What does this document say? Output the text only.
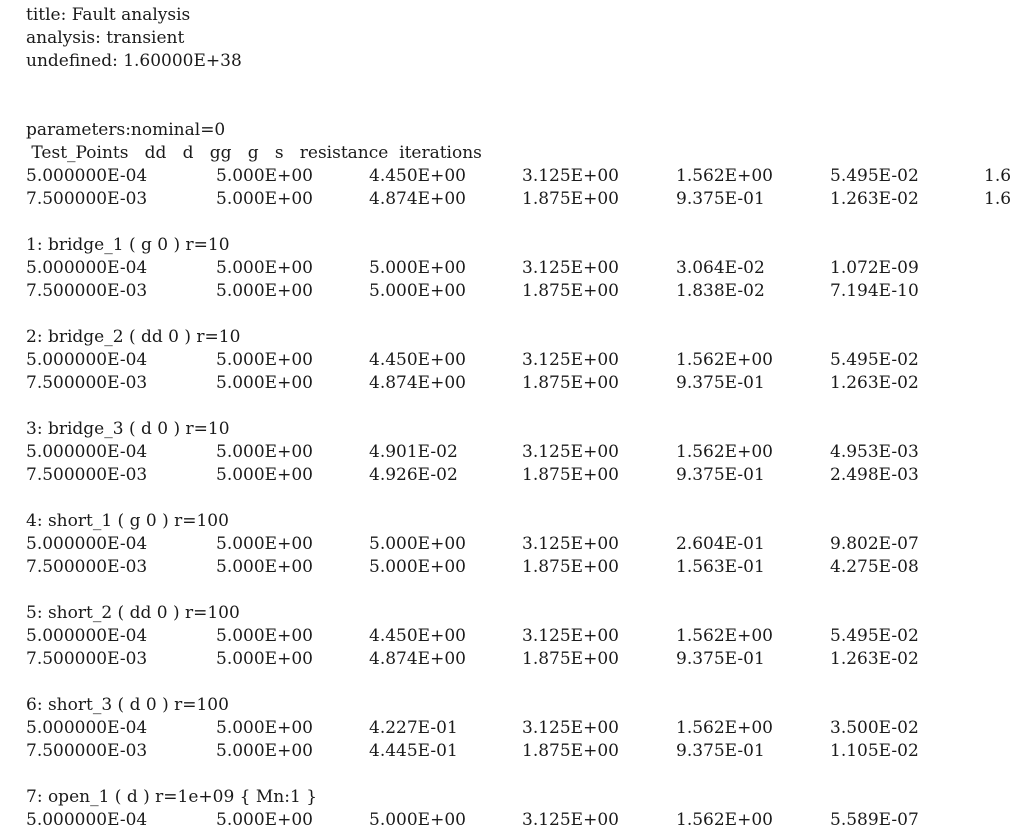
title: Fault analysis
analysis: transient
undefined: 1.60000E+38
parameters:nominal=0
Test_Points   dd   d   gg   g   s   resistance  iterations
5.000000E-04	5.000E+00	4.450E+00	3.125E+00	1.562E+00	5.495E-02	1.6
7.500000E-03	5.000E+00	4.874E+00	1.875E+00	9.375E-01	1.263E-02	1.6
1: bridge_1 ( g 0 ) r=10
5.000000E-04	5.000E+00	5.000E+00	3.125E+00	3.064E-02	1.072E-09
7.500000E-03	5.000E+00	5.000E+00	1.875E+00	1.838E-02	7.194E-10
2: bridge_2 ( dd 0 ) r=10
5.000000E-04	5.000E+00	4.450E+00	3.125E+00	1.562E+00	5.495E-02
7.500000E-03	5.000E+00	4.874E+00	1.875E+00	9.375E-01	1.263E-02
3: bridge_3 ( d 0 ) r=10
5.000000E-04	5.000E+00	4.901E-02	3.125E+00	1.562E+00	4.953E-03
7.500000E-03	5.000E+00	4.926E-02	1.875E+00	9.375E-01	2.498E-03
4: short_1 ( g 0 ) r=100
5.000000E-04	5.000E+00	5.000E+00	3.125E+00	2.604E-01	9.802E-07
7.500000E-03	5.000E+00	5.000E+00	1.875E+00	1.563E-01	4.275E-08
5: short_2 ( dd 0 ) r=100
5.000000E-04	5.000E+00	4.450E+00	3.125E+00	1.562E+00	5.495E-02
7.500000E-03	5.000E+00	4.874E+00	1.875E+00	9.375E-01	1.263E-02
6: short_3 ( d 0 ) r=100
5.000000E-04	5.000E+00	4.227E-01	3.125E+00	1.562E+00	3.500E-02
7.500000E-03	5.000E+00	4.445E-01	1.875E+00	9.375E-01	1.105E-02
7: open_1 ( d ) r=1e+09 { Mn:1 }
5.000000E-04	5.000E+00	5.000E+00	3.125E+00	1.562E+00	5.589E-07
